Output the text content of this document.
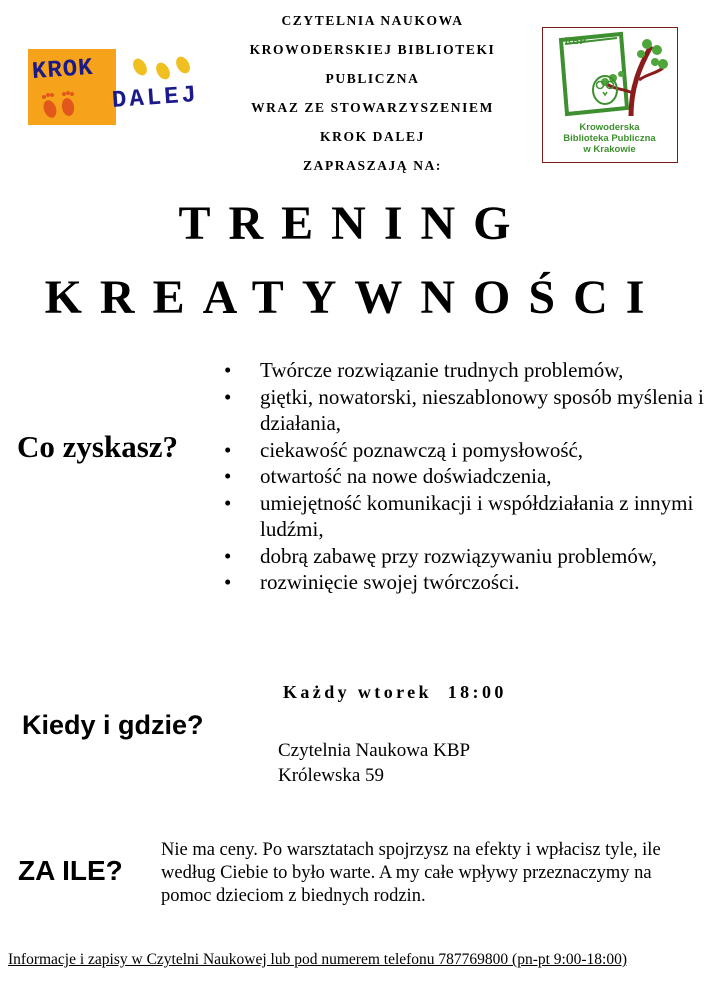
KROK
DALEJ
CZYTELNIA NAUKOWA
KROWODERSKIEJ BIBLIOTEKI
PUBLICZNA
WRAZ ZE STOWARZYSZENIEM
KROK DALEJ
ZAPRASZAJĄ NA:
KBP
Krowoderska
Biblioteka Publiczna
w Krakowie
TRENING
KREATYWNOŚCI
Co zyskasz?
• Twórcze rozwiązanie trudnych problemów,
• giętki, nowatorski, nieszablonowy sposób myślenia i działania,
• ciekawość poznawczą i pomysłowość,
• otwartość na nowe doświadczenia,
• umiejętność komunikacji i współdziałania z innymi ludźmi,
• dobrą zabawę przy rozwiązywaniu problemów,
• rozwinięcie swojej twórczości.
Kiedy i gdzie?
Każdy wtorek  18:00
Czytelnia Naukowa KBP
Królewska 59
ZA ILE?
Nie ma ceny. Po warsztatach spojrzysz na efekty i wpłacisz tyle, ile według Ciebie to było warte. A my całe wpływy przeznaczymy na pomoc dzieciom z biednych rodzin.
Informacje i zapisy w Czytelni Naukowej lub pod numerem telefonu 787769800 (pn-pt 9:00-18:00)
